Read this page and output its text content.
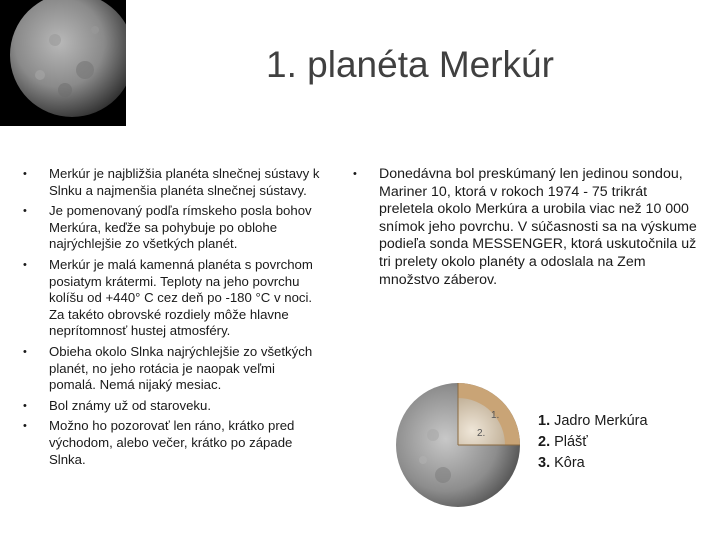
1. planéta Merkúr
• Merkúr je najbližšia planéta slnečnej sústavy k Slnku a najmenšia planéta slnečnej sústavy.
• Je pomenovaný podľa rímskeho posla bohov Merkúra, keďže sa pohybuje po oblohe najrýchlejšie zo všetkých planét.
• Merkúr je malá kamenná planéta s povrchom posiatym krátermi. Teploty na jeho povrchu kolíšu od +440° C cez deň po -180 °C v noci. Za takéto obrovské rozdiely môže hlavne neprítomnosť hustej atmosféry.
• Obieha okolo Slnka najrýchlejšie zo všetkých planét, no jeho rotácia je naopak veľmi pomalá. Nemá nijaký mesiac.
• Bol známy už od staroveku.
• Možno ho pozorovať len ráno, krátko pred východom, alebo večer, krátko po západe Slnka.
• Donedávna bol preskúmaný len jedinou sondou, Mariner 10, ktorá v rokoch 1974 - 75 trikrát preletela okolo Merkúra a urobila viac než 10 000 snímok jeho povrchu. V súčasnosti sa na výskume podieľa sonda MESSENGER, ktorá uskutočnila už tri prelety okolo planéty a odoslala na Zem množstvo záberov.
2.
1.	1. Jadro Merkúra
2. Plášť
3. Kôra
